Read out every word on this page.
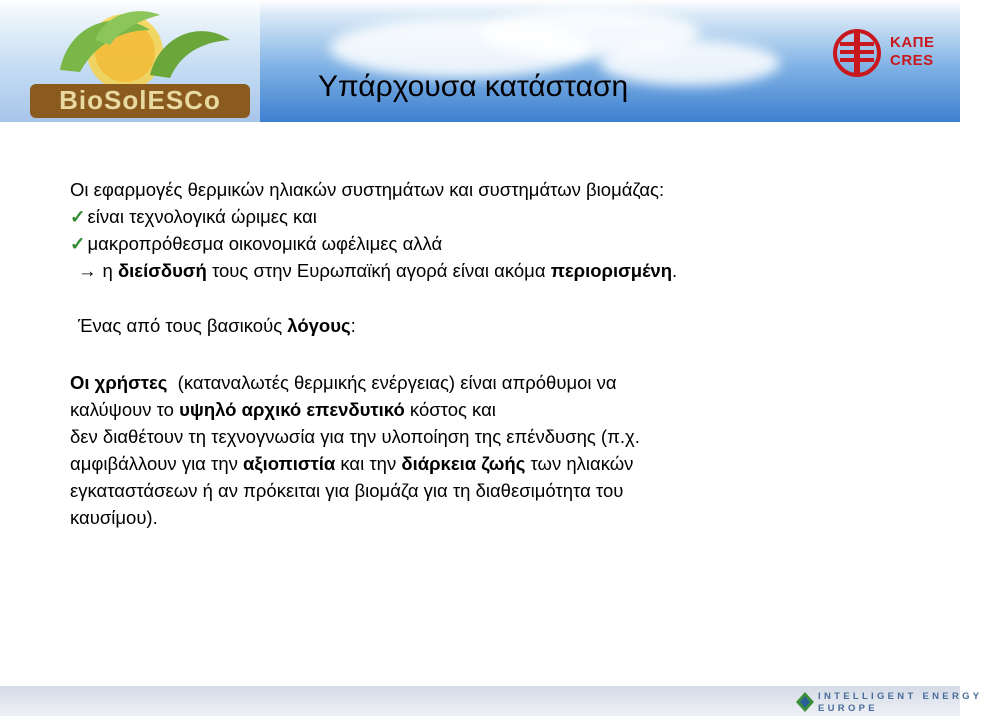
BioSolESCo	Υπάρχουσα κατάσταση
ΚΑΠΕ
CRES
Οι εφαρμογές θερμικών ηλιακών συστημάτων και συστημάτων βιομάζας:
✓ είναι τεχνολογικά ώριμες και
✓ μακροπρόθεσμα οικονομικά ωφέλιμες αλλά
→ η διείσδυσή τους στην Ευρωπαϊκή αγορά είναι ακόμα περιορισμένη.
Ένας από τους βασικούς λόγους:
Οι χρήστες  (καταναλωτές θερμικής ενέργειας) είναι απρόθυμοι να
καλύψουν το υψηλό αρχικό επενδυτικό κόστος και
δεν διαθέτουν τη τεχνογνωσία για την υλοποίηση της επένδυσης (π.χ.
αμφιβάλλουν για την αξιοπιστία και την διάρκεια ζωής των ηλιακών
εγκαταστάσεων ή αν πρόκειται για βιομάζα για τη διαθεσιμότητα του
καυσίμου).
INTELLIGENT ENERGY
EUROPE
